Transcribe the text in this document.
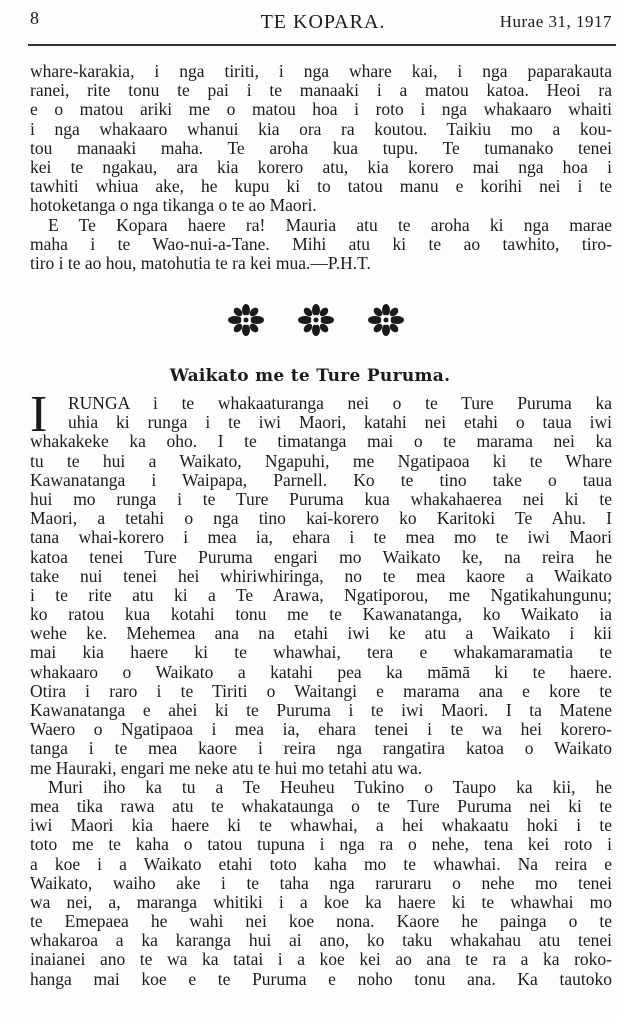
8	TE KOPARA.	Hurae 31, 1917
whare-karakia, i nga tiriti, i nga whare kai, i nga paparakauta
ranei, rite tonu te pai i te manaaki i a matou katoa. Heoi ra
e o matou ariki me o matou hoa i roto i nga whakaaro whaiti
i nga whakaaro whanui kia ora ra koutou. Taikiu mo a kou-
tou manaaki maha. Te aroha kua tupu. Te tumanako tenei
kei te ngakau, ara kia korero atu, kia korero mai nga hoa i
tawhiti whiua ake, he kupu ki to tatou manu e korihi nei i te
hotoketanga o nga tikanga o te ao Maori.
E Te Kopara haere ra! Mauria atu te aroha ki nga marae
maha i te Wao-nui-a-Tane. Mihi atu ki te ao tawhito, tiro-
tiro i te ao hou, matohutia te ra kei mua.—P.H.T.
Waikato me te Ture Puruma.
I	RUNGA i te whakaaturanga nei o te Ture Puruma ka
uhia ki runga i te iwi Maori, katahi nei etahi o taua iwi
whakakeke ka oho. I te timatanga mai o te marama nei ka
tu te hui a Waikato, Ngapuhi, me Ngatipaoa ki te Whare
Kawanatanga i Waipapa, Parnell. Ko te tino take o taua
hui mo runga i te Ture Puruma kua whakahaerea nei ki te
Maori, a tetahi o nga tino kai-korero ko Karitoki Te Ahu. I
tana whai-korero i mea ia, ehara i te mea mo te iwi Maori
katoa tenei Ture Puruma engari mo Waikato ke, na reira he
take nui tenei hei whiriwhiringa, no te mea kaore a Waikato
i te rite atu ki a Te Arawa, Ngatiporou, me Ngatikahungunu;
ko ratou kua kotahi tonu me te Kawanatanga, ko Waikato ia
wehe ke. Mehemea ana na etahi iwi ke atu a Waikato i kii
mai kia haere ki te whawhai, tera e whakamaramatia te
whakaaro o Waikato a katahi pea ka māmā ki te haere.
Otira i raro i te Tiriti o Waitangi e marama ana e kore te
Kawanatanga e ahei ki te Puruma i te iwi Maori. I ta Matene
Waero o Ngatipaoa i mea ia, ehara tenei i te wa hei korero-
tanga i te mea kaore i reira nga rangatira katoa o Waikato
me Hauraki, engari me neke atu te hui mo tetahi atu wa.
Muri iho ka tu a Te Heuheu Tukino o Taupo ka kii, he
mea tika rawa atu te whakataunga o te Ture Puruma nei ki te
iwi Maori kia haere ki te whawhai, a hei whakaatu hoki i te
toto me te kaha o tatou tupuna i nga ra o nehe, tena kei roto i
a koe i a Waikato etahi toto kaha mo te whawhai. Na reira e
Waikato, waiho ake i te taha nga raruraru o nehe mo tenei
wa nei, a, maranga whitiki i a koe ka haere ki te whawhai mo
te Emepaea he wahi nei koe nona. Kaore he painga o te
whakaroa a ka karanga hui ai ano, ko taku whakahau atu tenei
inaianei ano te wa ka tatai i a koe kei ao ana te ra a ka roko-
hanga mai koe e te Puruma e noho tonu ana. Ka tautoko
